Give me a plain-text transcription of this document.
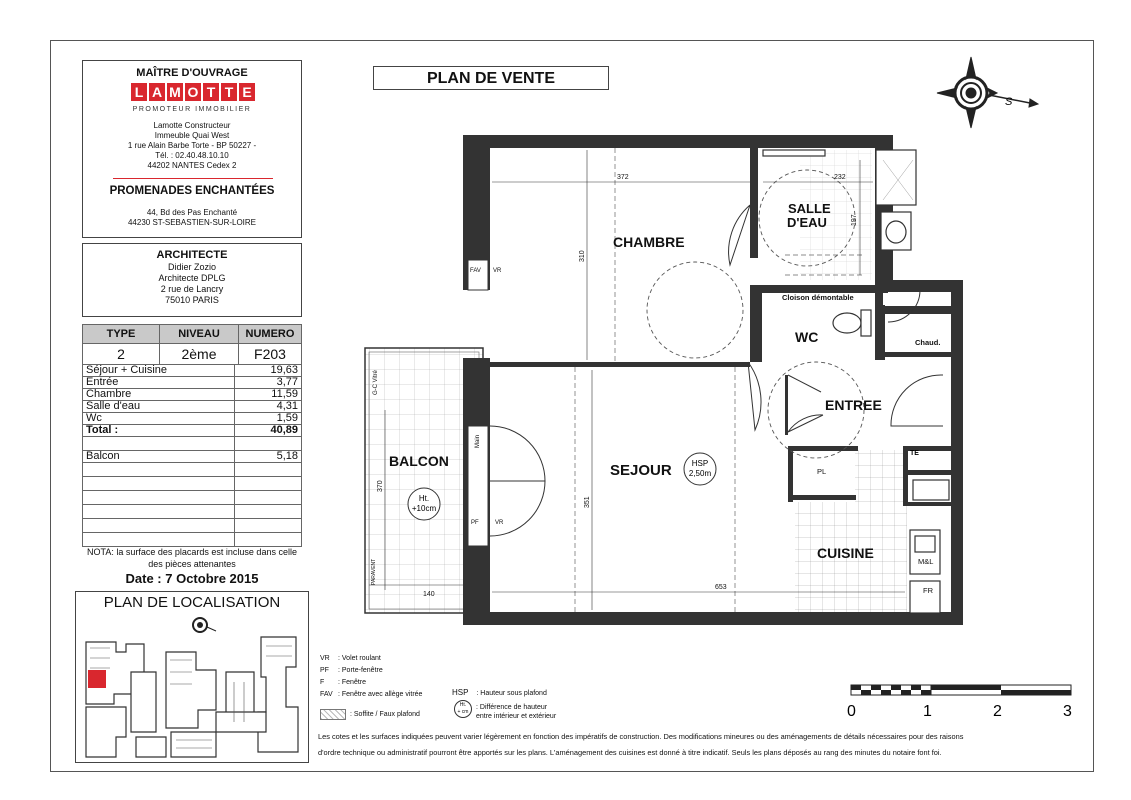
MAÎTRE D'OUVRAGE
L A M O T T E
PROMOTEUR IMMOBILIER
Lamotte Constructeur
Immeuble Quai West
1 rue Alain Barbe Torte - BP 50227 -
Tél. : 02.40.48.10.10
44202 NANTES Cedex 2
PROMENADES ENCHANTÉES
44, Bd des Pas Enchanté
44230 ST-SEBASTIEN-SUR-LOIRE
ARCHITECTE
Didier Zozio
Architecte DPLG
2 rue de Lancry
75010 PARIS
TYPE	NIVEAU	NUMERO
2	2ème	F203
Séjour + Cuisine	19,63
Entrée	3,77
Chambre	11,59
Salle d'eau	4,31
Wc	1,59
Total :	40,89

Balcon	5,18

NOTA: la surface des placards est incluse dans celle des pièces attenantes
Date : 7 Octobre 2015
PLAN DE LOCALISATION
PLAN DE VENTE
S
CHAMBRE
SALLE
D'EAU
WC
ENTREE
SEJOUR
CUISINE
BALCON
Cloison démontable
Chaud.
PL
FR
M&L
FAV VR
PF	VR
TE
HSP
2,50m
Ht.
+10cm
372	232
140
653
197
310
351
370
G-C Vitré
Main
PARAVENT
VR : Volet roulant
PF : Porte-fenêtre
F : Fenêtre
FAV : Fenêtre avec allège vitrée
: Soffite / Faux plafond
HSP : Hauteur sous plafond
Ht.
+ cm
: Différence de hauteur
entre intérieur et extérieur	0	1	2	3
Les cotes et les surfaces indiquées peuvent varier légèrement en fonction des impératifs de construction. Des modifications mineures ou des aménagements de détails nécessaires pour des raisons
d'ordre technique ou administratif pourront être apportés sur les plans. L'aménagement des cuisines est donné à titre indicatif. Seuls les plans déposés au rang des minutes du notaire font foi.
